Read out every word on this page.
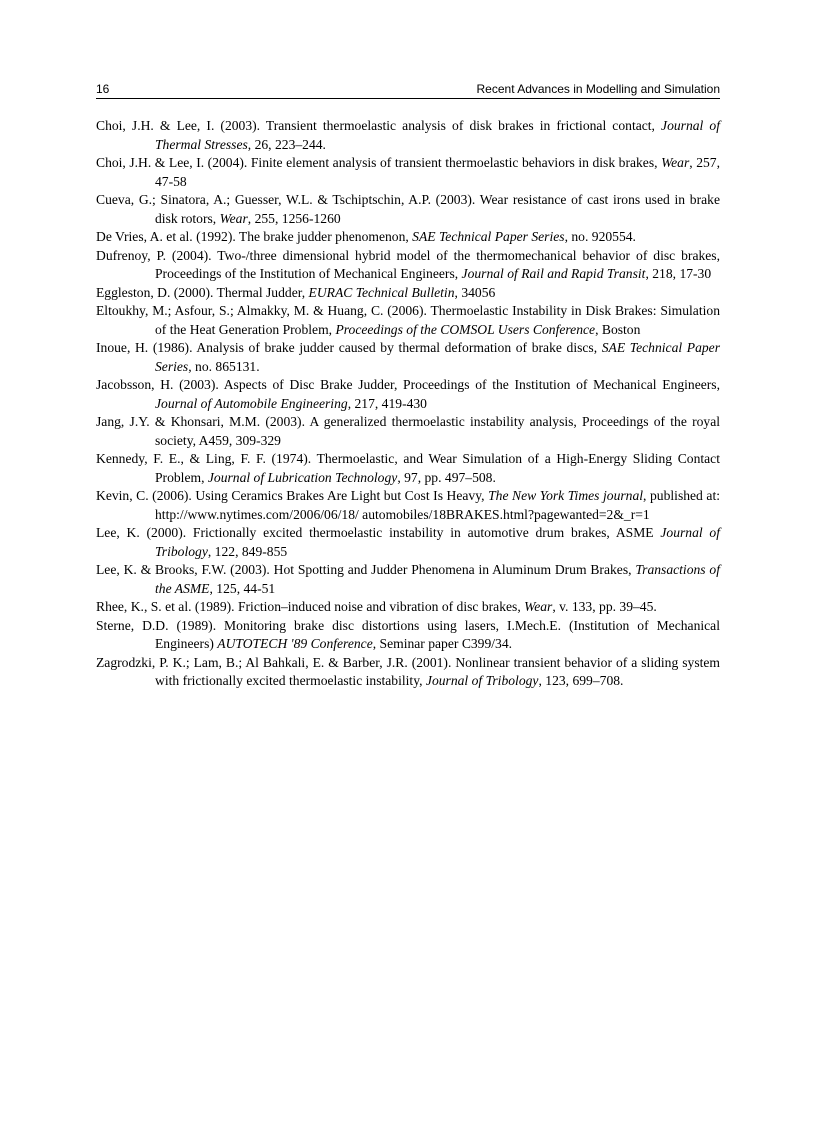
16	Recent Advances in Modelling and Simulation

Choi, J.H. & Lee, I. (2003). Transient thermoelastic analysis of disk brakes in frictional contact, Journal of Thermal Stresses, 26, 223–244.

Choi, J.H. & Lee, I. (2004). Finite element analysis of transient thermoelastic behaviors in disk brakes, Wear, 257, 47-58

Cueva, G.; Sinatora, A.; Guesser, W.L. & Tschiptschin, A.P. (2003). Wear resistance of cast irons used in brake disk rotors, Wear, 255, 1256-1260

De Vries, A. et al. (1992). The brake judder phenomenon, SAE Technical Paper Series, no. 920554.

Dufrenoy, P. (2004). Two-/three dimensional hybrid model of the thermomechanical behavior of disc brakes, Proceedings of the Institution of Mechanical Engineers, Journal of Rail and Rapid Transit, 218, 17-30

Eggleston, D. (2000). Thermal Judder, EURAC Technical Bulletin, 34056

Eltoukhy, M.; Asfour, S.; Almakky, M. & Huang, C. (2006). Thermoelastic Instability in Disk Brakes: Simulation of the Heat Generation Problem, Proceedings of the COMSOL Users Conference, Boston

Inoue, H. (1986). Analysis of brake judder caused by thermal deformation of brake discs, SAE Technical Paper Series, no. 865131.

Jacobsson, H. (2003). Aspects of Disc Brake Judder, Proceedings of the Institution of Mechanical Engineers, Journal of Automobile Engineering, 217, 419-430

Jang, J.Y. & Khonsari, M.M. (2003). A generalized thermoelastic instability analysis, Proceedings of the royal society, A459, 309-329

Kennedy, F. E., & Ling, F. F. (1974). Thermoelastic, and Wear Simulation of a High-Energy Sliding Contact Problem, Journal of Lubrication Technology, 97, pp. 497–508.

Kevin, C. (2006). Using Ceramics Brakes Are Light but Cost Is Heavy, The New York Times journal, published at: http://www.nytimes.com/2006/06/18/ automobiles/18BRAKES.html?pagewanted=2&_r=1

Lee, K. (2000). Frictionally excited thermoelastic instability in automotive drum brakes, ASME Journal of Tribology, 122, 849-855

Lee, K. & Brooks, F.W. (2003). Hot Spotting and Judder Phenomena in Aluminum Drum Brakes, Transactions of the ASME, 125, 44-51

Rhee, K., S. et al. (1989). Friction–induced noise and vibration of disc brakes, Wear, v. 133, pp. 39–45.

Sterne, D.D. (1989). Monitoring brake disc distortions using lasers, I.Mech.E. (Institution of Mechanical Engineers) AUTOTECH '89 Conference, Seminar paper C399/34.

Zagrodzki, P. K.; Lam, B.; Al Bahkali, E. & Barber, J.R. (2001). Nonlinear transient behavior of a sliding system with frictionally excited thermoelastic instability, Journal of Tribology, 123, 699–708.
